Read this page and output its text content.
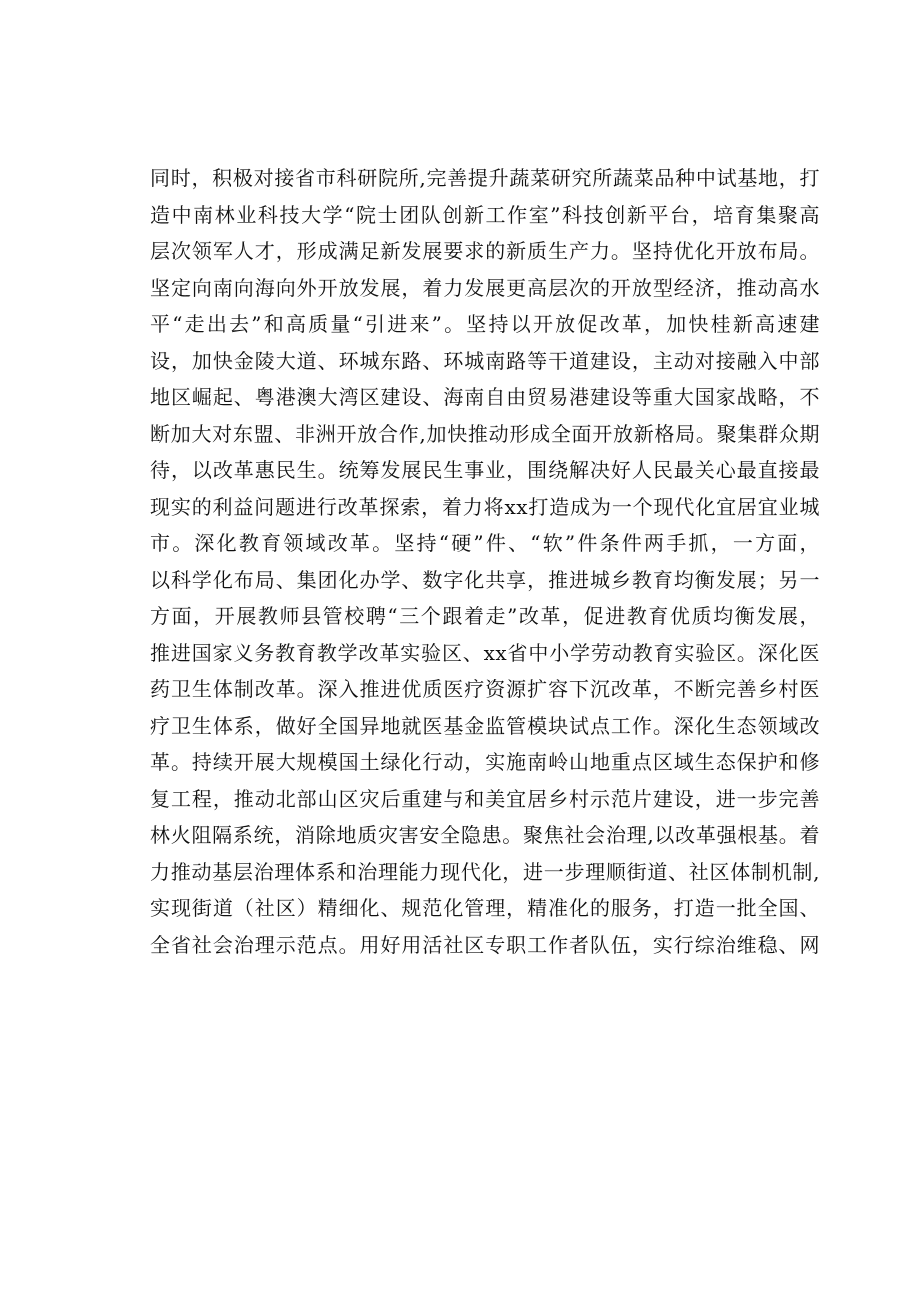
同时，积极对接省市科研院所,完善提升蔬菜研究所蔬菜品种中试基地，打
造中南林业科技大学“院士团队创新工作室”科技创新平台，培育集聚高
层次领军人才，形成满足新发展要求的新质生产力。坚持优化开放布局。
坚定向南向海向外开放发展，着力发展更高层次的开放型经济，推动高水
平“走出去”和高质量“引进来”。坚持以开放促改革，加快桂新高速建
设，加快金陵大道、环城东路、环城南路等干道建设，主动对接融入中部
地区崛起、粤港澳大湾区建设、海南自由贸易港建设等重大国家战略，不
断加大对东盟、非洲开放合作,加快推动形成全面开放新格局。聚集群众期
待，以改革惠民生。统筹发展民生事业，围绕解决好人民最关心最直接最
现实的利益问题进行改革探索，着力将xx打造成为一个现代化宜居宜业城
市。深化教育领域改革。坚持“硬”件、“软”件条件两手抓，一方面，
以科学化布局、集团化办学、数字化共享，推进城乡教育均衡发展；另一
方面，开展教师县管校聘“三个跟着走”改革，促进教育优质均衡发展，
推进国家义务教育教学改革实验区、xx省中小学劳动教育实验区。深化医
药卫生体制改革。深入推进优质医疗资源扩容下沉改革，不断完善乡村医
疗卫生体系，做好全国异地就医基金监管模块试点工作。深化生态领域改
革。持续开展大规模国土绿化行动，实施南岭山地重点区域生态保护和修
复工程，推动北部山区灾后重建与和美宜居乡村示范片建设，进一步完善
林火阻隔系统，消除地质灾害安全隐患。聚焦社会治理,以改革强根基。着
力推动基层治理体系和治理能力现代化，进一步理顺街道、社区体制机制,
实现街道（社区）精细化、规范化管理，精准化的服务，打造一批全国、
全省社会治理示范点。用好用活社区专职工作者队伍，实行综治维稳、网
